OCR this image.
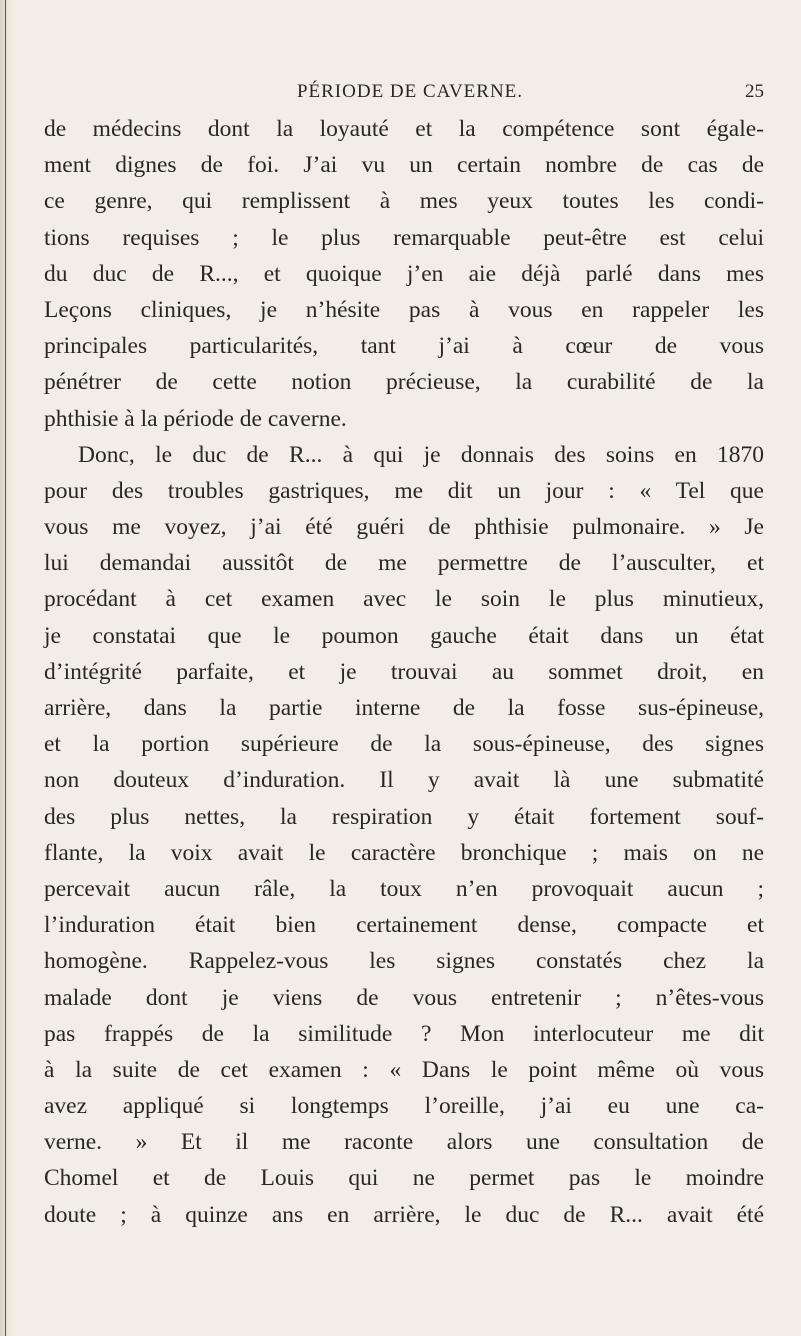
PÉRIODE DE CAVERNE.	25
de médecins dont la loyauté et la compétence sont égale-
ment dignes de foi. J’ai vu un certain nombre de cas de
ce genre, qui remplissent à mes yeux toutes les condi-
tions requises ; le plus remarquable peut-être est celui
du duc de R..., et quoique j’en aie déjà parlé dans mes
Leçons cliniques, je n’hésite pas à vous en rappeler les
principales particularités, tant j’ai à cœur de vous
pénétrer de cette notion précieuse, la curabilité de la
phthisie à la période de caverne.
Donc, le duc de R... à qui je donnais des soins en 1870
pour des troubles gastriques, me dit un jour : « Tel que
vous me voyez, j’ai été guéri de phthisie pulmonaire. » Je
lui demandai aussitôt de me permettre de l’ausculter, et
procédant à cet examen avec le soin le plus minutieux,
je constatai que le poumon gauche était dans un état
d’intégrité parfaite, et je trouvai au sommet droit, en
arrière, dans la partie interne de la fosse sus-épineuse,
et la portion supérieure de la sous-épineuse, des signes
non douteux d’induration. Il y avait là une submatité
des plus nettes, la respiration y était fortement souf-
flante, la voix avait le caractère bronchique ; mais on ne
percevait aucun râle, la toux n’en provoquait aucun ;
l’induration était bien certainement dense, compacte et
homogène. Rappelez-vous les signes constatés chez la
malade dont je viens de vous entretenir ; n’êtes-vous
pas frappés de la similitude ? Mon interlocuteur me dit
à la suite de cet examen : « Dans le point même où vous
avez appliqué si longtemps l’oreille, j’ai eu une ca-
verne. » Et il me raconte alors une consultation de
Chomel et de Louis qui ne permet pas le moindre
doute ; à quinze ans en arrière, le duc de R... avait été
